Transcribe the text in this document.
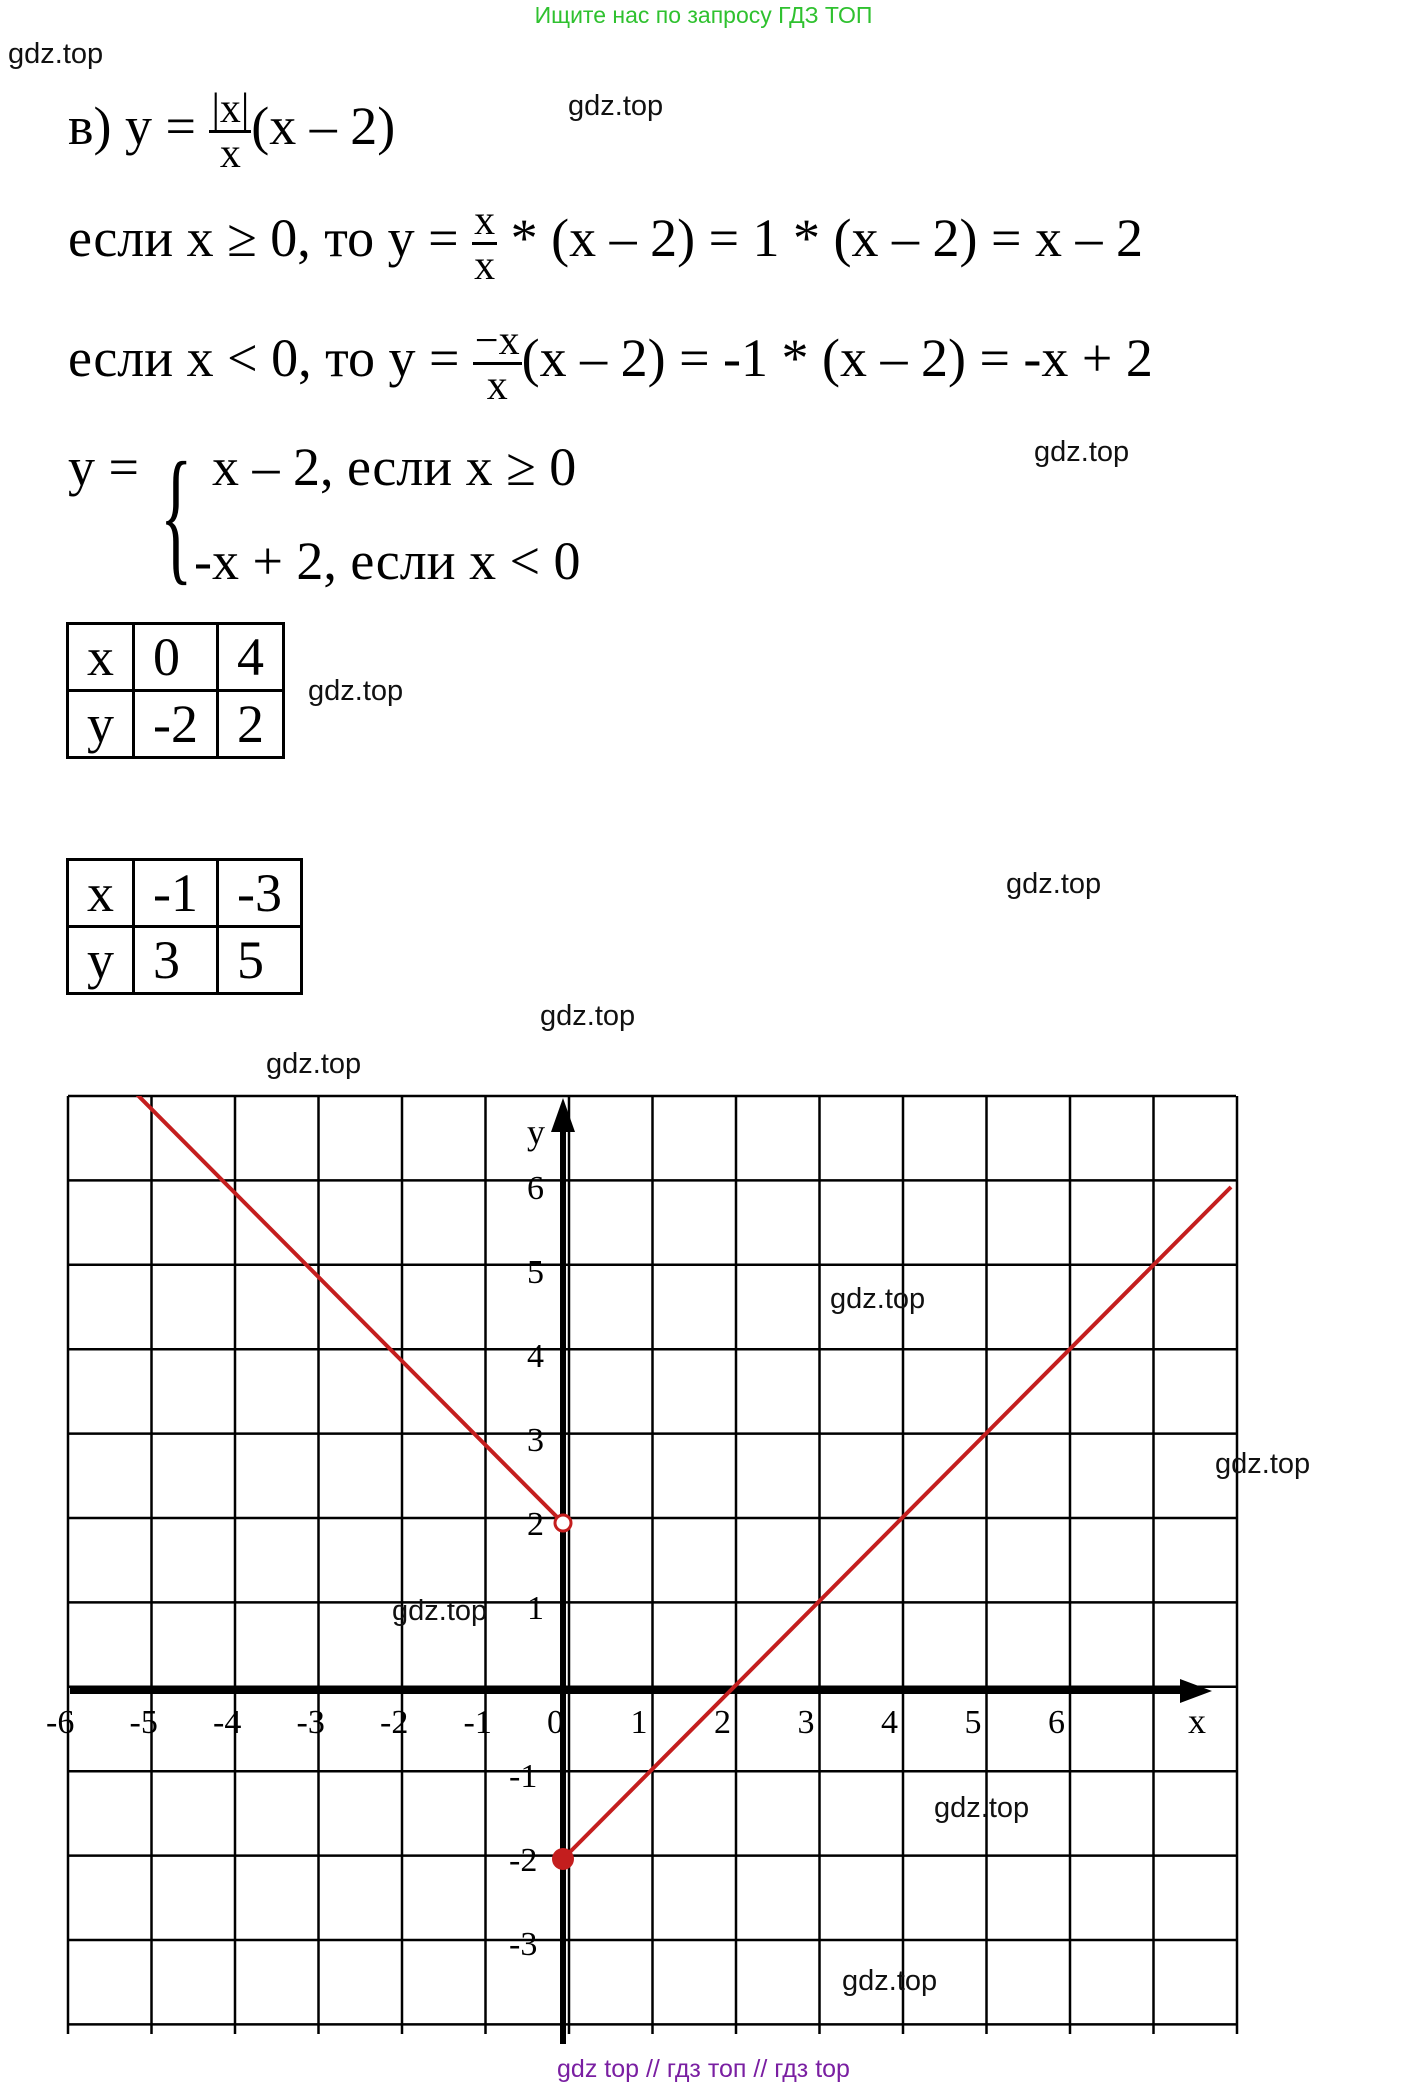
Ищите нас по запросу ГДЗ ТОП
gdz top // гдз топ // гдз top
gdz.top
gdz.top
gdz.top
gdz.top
gdz.top
gdz.top
gdz.top
в) $y = \frac{|x|}{x} (x - 2)$
если x ≥ 0, то $y = \frac{x}{x} * (x - 2) = 1 * (x - 2) = x - 2$
если x < 0, то $y = \frac{-x}{x} (x - 2) = -1 * (x - 2) = -x + 2$
y = { x – 2, если x ≥ 0
-x + 2, если x < 0
x	0	4
y	-2	2
x	-1	-3
y	3	5
x
y
-6 -5 -4 -3 -2 -1 0 1 2 3 4 5 6
6
5
4
3
2
1
-1
-2
-3
gdz.top
gdz.top
gdz.top
gdz.top
gdz.top
